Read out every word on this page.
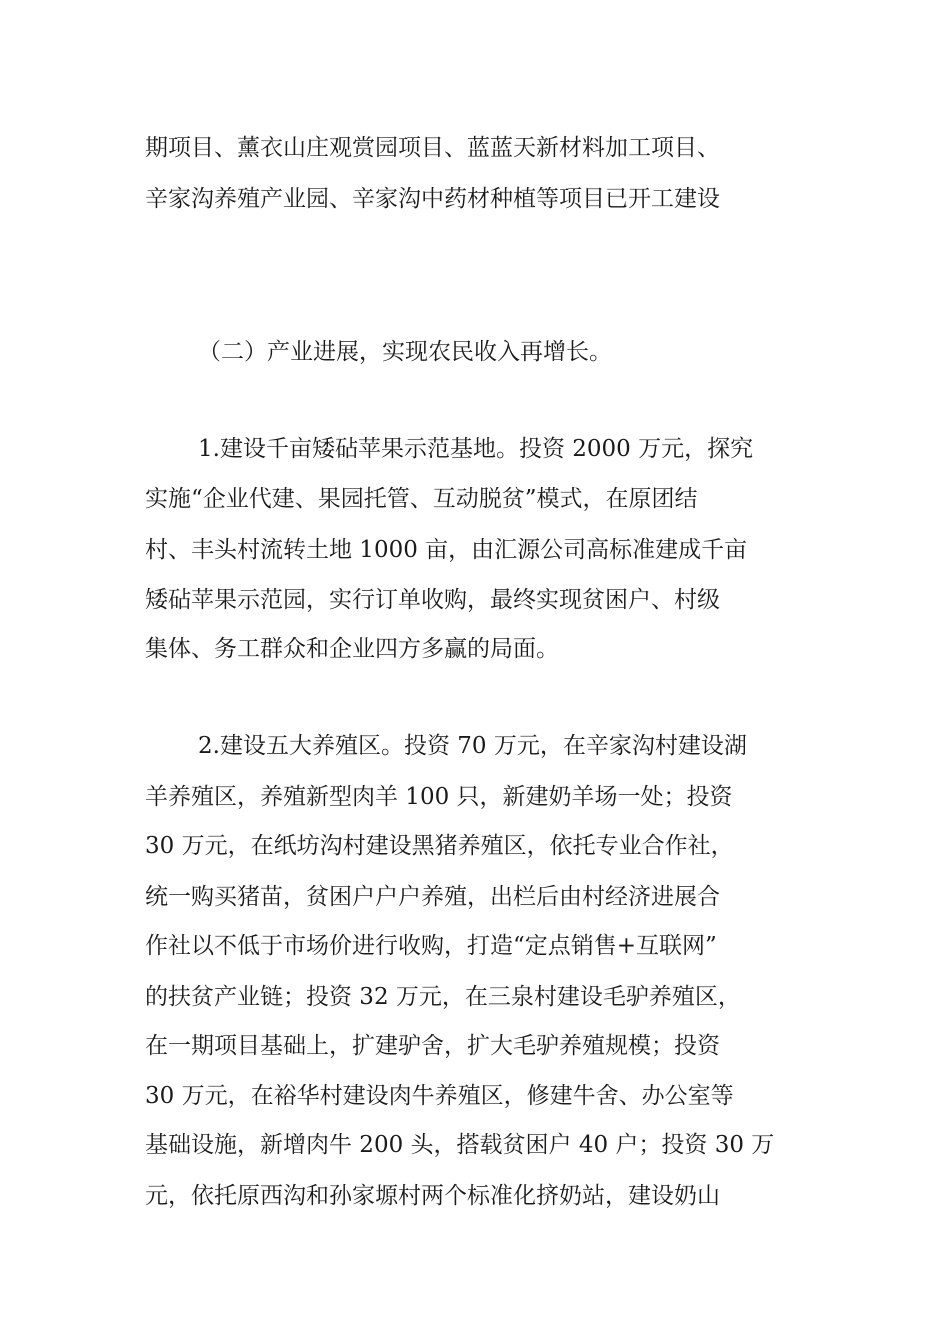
期项目、薰衣山庄观赏园项目、蓝蓝天新材料加工项目、
辛家沟养殖产业园、辛家沟中药材种植等项目已开工建设
（二）产业进展，实现农民收入再增长。
1.建设千亩矮砧苹果示范基地。投资 2000 万元，探究
实施“企业代建、果园托管、互动脱贫”模式，在原团结
村、丰头村流转土地 1000 亩，由汇源公司高标准建成千亩
矮砧苹果示范园，实行订单收购，最终实现贫困户、村级
集体、务工群众和企业四方多赢的局面。
2.建设五大养殖区。投资 70 万元，在辛家沟村建设湖
羊养殖区，养殖新型肉羊 100 只，新建奶羊场一处；投资
30 万元，在纸坊沟村建设黑猪养殖区，依托专业合作社，
统一购买猪苗，贫困户户户养殖，出栏后由村经济进展合
作社以不低于市场价进行收购，打造“定点销售+互联网”
的扶贫产业链；投资 32 万元，在三泉村建设毛驴养殖区，
在一期项目基础上，扩建驴舍，扩大毛驴养殖规模；投资
30 万元，在裕华村建设肉牛养殖区，修建牛舍、办公室等
基础设施，新增肉牛 200 头，搭载贫困户 40 户；投资 30 万
元，依托原西沟和孙家塬村两个标准化挤奶站，建设奶山
